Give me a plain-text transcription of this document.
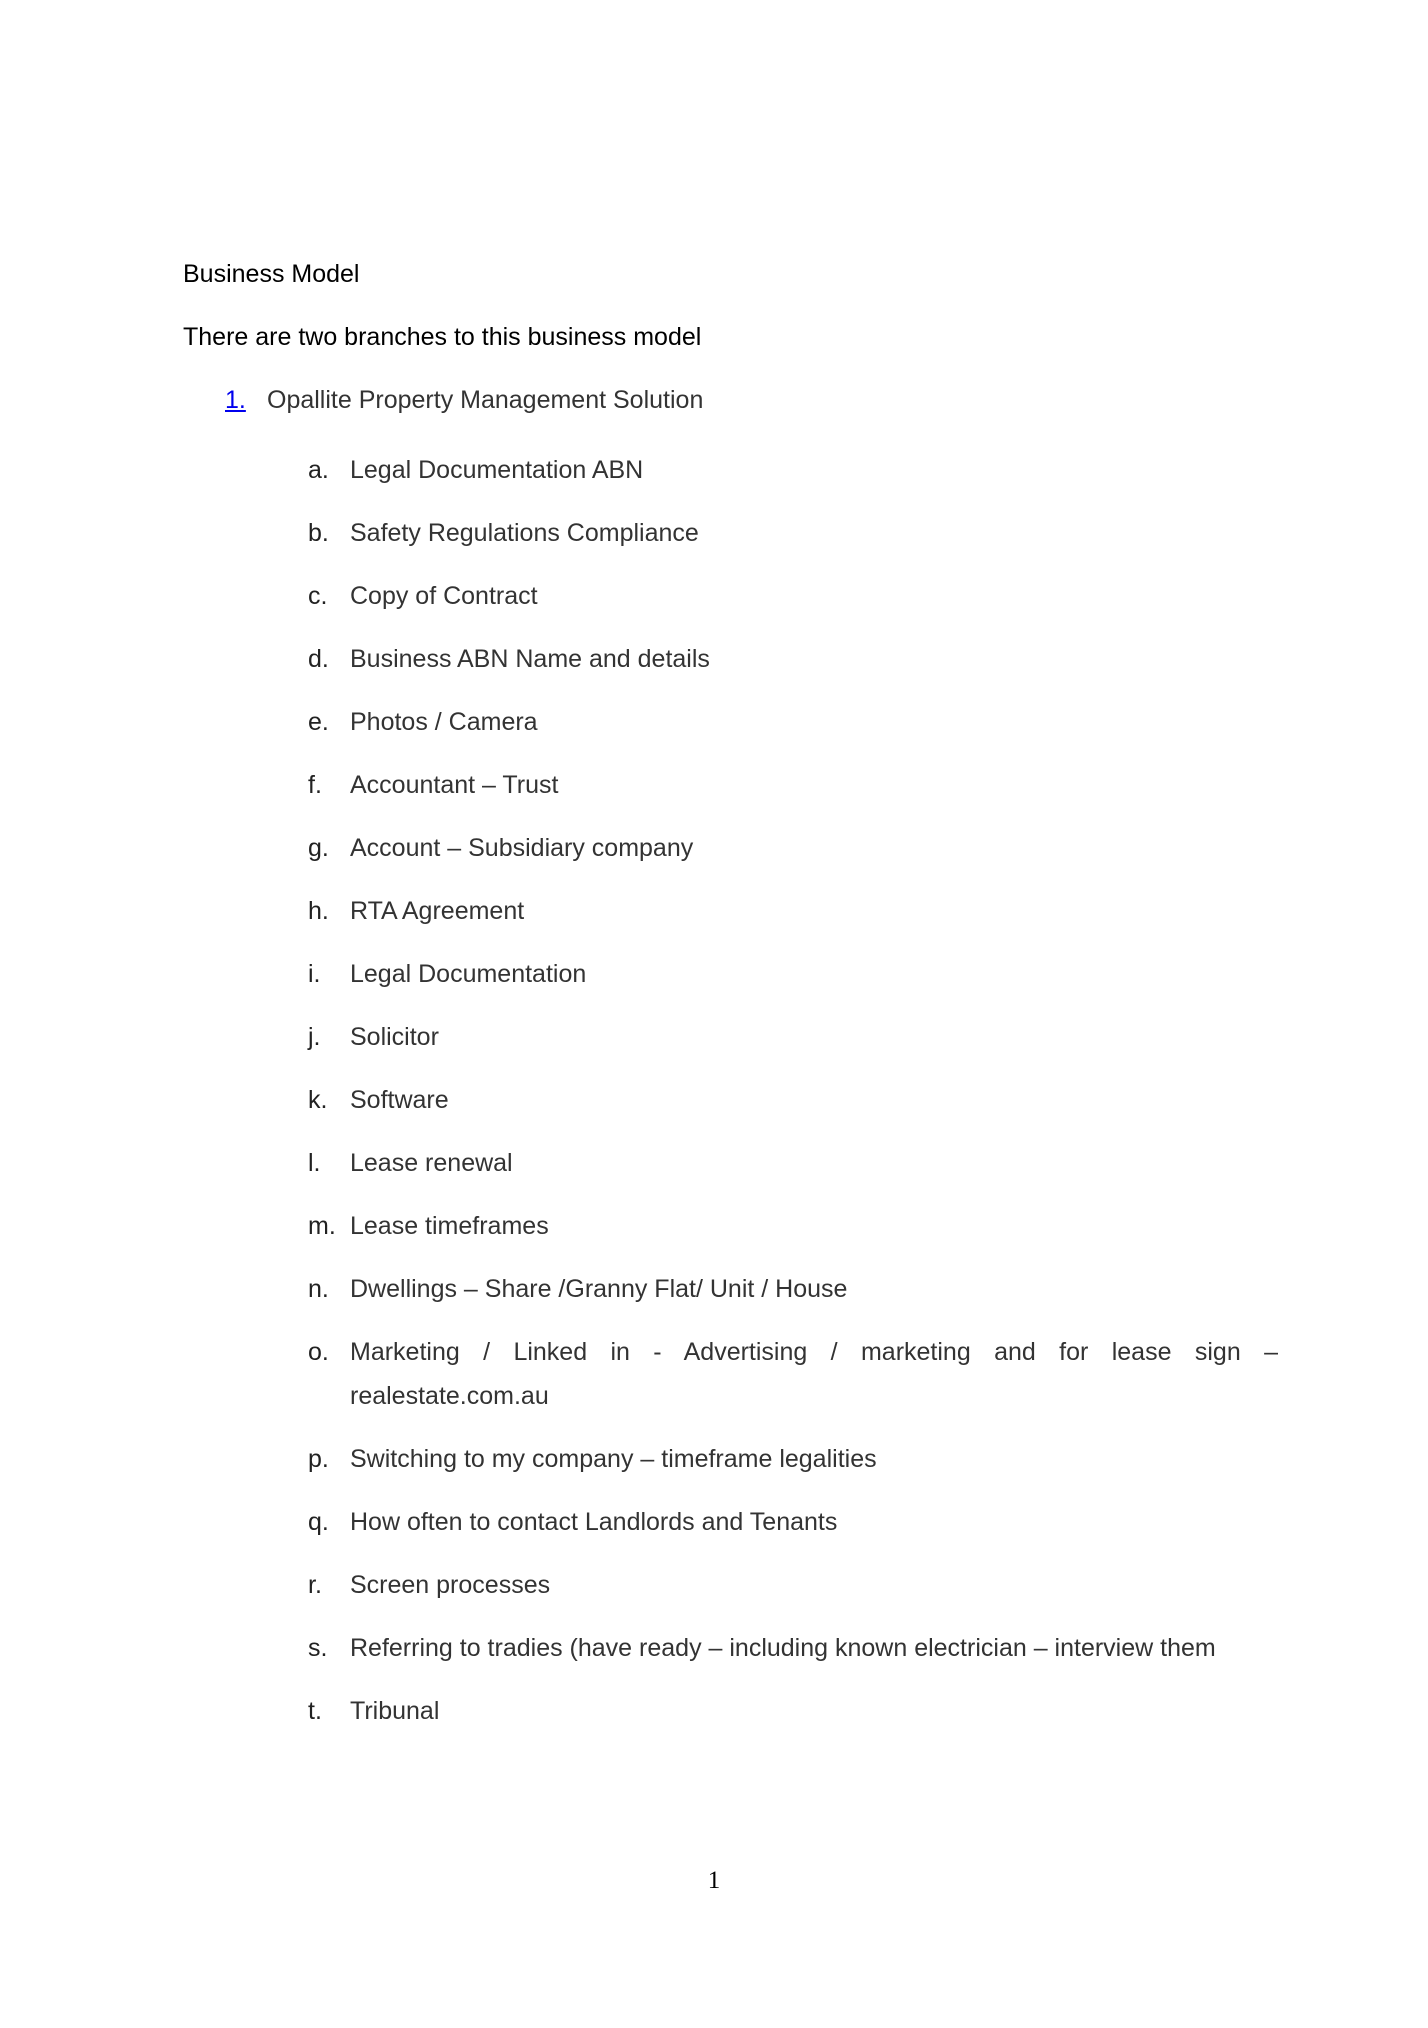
Business Model
There are two branches to this business model
1. Opallite Property Management Solution
a. Legal Documentation ABN
b. Safety Regulations Compliance
c. Copy of Contract
d. Business ABN Name and details
e. Photos / Camera
f.	Accountant – Trust
g. Account – Subsidiary company
h. RTA Agreement
i.	Legal Documentation
j.	Solicitor
k. Software
l.	Lease renewal
m. Lease timeframes
n. Dwellings – Share /Granny Flat/ Unit / House
o. Marketing / Linked in - Advertising / marketing and for lease sign – realestate.com.au
p. Switching to my company – timeframe legalities
q. How often to contact Landlords and Tenants
r.	Screen processes
s. Referring to tradies (have ready – including known electrician – interview them
t.	Tribunal
1
